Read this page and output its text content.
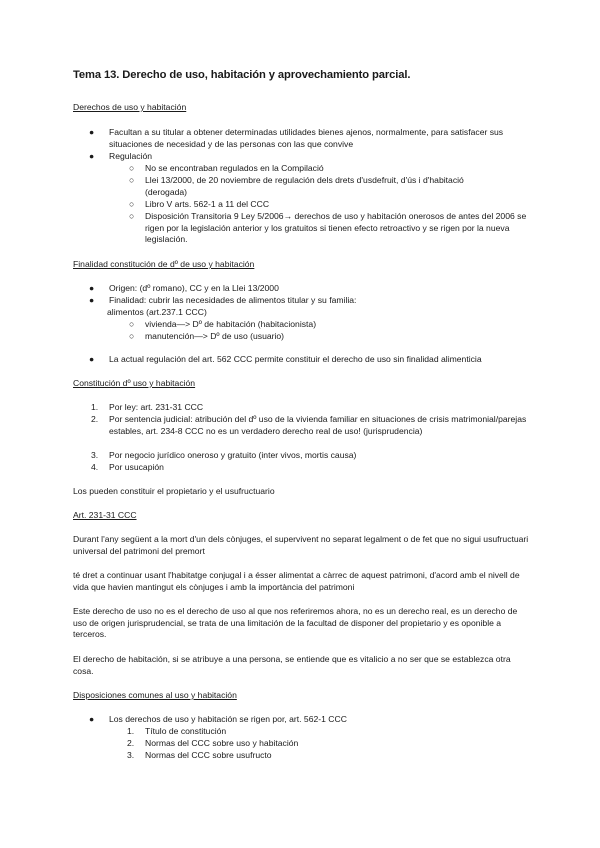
Tema 13. Derecho de uso, habitación y aprovechamiento parcial.
Derechos de uso y habitación
● Facultan a su titular a obtener determinadas utilidades bienes ajenos, normalmente, para satisfacer sus situaciones de necesidad y de las personas con las que convive
● Regulación
○ No se encontraban regulados en la Compilació
○ Llei 13/2000, de 20 noviembre de regulación dels drets d'usdefruit, d'ús i d'habitació (derogada)
○ Libro V arts. 562-1 a 11 del CCC
○ Disposición Transitoria 9 Ley 5/2006→ derechos de uso y habitación onerosos de antes del 2006 se rigen por la legislación anterior y los gratuitos si tienen efecto retroactivo y se rigen por la nueva legislación.
Finalidad constitución de dº de uso y habitación
● Origen: (dº romano), CC y en la Llei 13/2000
● Finalidad: cubrir las necesidades de alimentos titular y su familia:
alimentos (art.237.1 CCC)
○ vivienda—> Dº de habitación (habitacionista)
○ manutención—> Dº de uso (usuario)
● La actual regulación del art. 562 CCC permite constituir el derecho de uso sin finalidad alimenticia
Constitución dº uso y habitación
1. Por ley: art. 231-31 CCC
2. Por sentencia judicial: atribución del dº uso de la vivienda familiar en situaciones de crisis matrimonial/parejas estables, art. 234-8 CCC no es un verdadero derecho real de uso! (jurisprudencia)
3. Por negocio jurídico oneroso y gratuito (inter vivos, mortis causa)
4. Por usucapión
Los pueden constituir el propietario y el usufructuario
Art. 231-31 CCC
Durant l'any següent a la mort d'un dels cònjuges, el supervivent no separat legalment o de fet que no sigui usufructuari universal del patrimoni del premort
té dret a continuar usant l'habitatge conjugal i a ésser alimentat a càrrec de aquest patrimoni, d'acord amb el nivell de vida que havien mantingut els cònjuges i amb la importància del patrimoni
Este derecho de uso no es el derecho de uso al que nos referiremos ahora, no es un derecho real, es un derecho de uso de origen jurisprudencial, se trata de una limitación de la facultad de disponer del propietario y es oponible a terceros.
El derecho de habitación, si se atribuye a una persona, se entiende que es vitalicio a no ser que se establezca otra cosa.
Disposiciones comunes al uso y habitación
● Los derechos de uso y habitación se rigen por, art. 562-1 CCC
1. Título de constitución
2. Normas del CCC sobre uso y habitación
3. Normas del CCC sobre usufructo
